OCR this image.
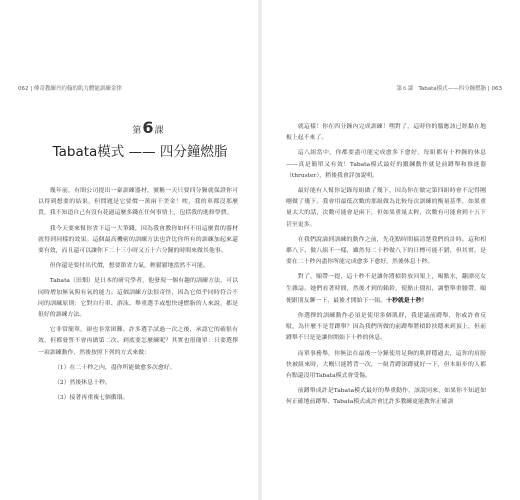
062 | 傳奇教練丹約翰的肌力體能訓練金律
第 6 課
Tabata模式 —— 四分鐘燃脂

幾年前，有間公司提出一臺訓練器材，號稱一天只要四分鐘就保證你可以得到想要的結果，但問題是它要價一萬兩千美金！唉，我的車都沒那麼貴，我不知道自己有沒有花過這麼多錢在任何事情上，包括我的進修學費。

我今天要來幫你省下這一大筆錢，因為我會教你如何不用這麼貴的器材就得到同樣的效果。這個最高機密的訓練方法也許比你所有的訓練加起來還要有效，而且還可以讓你下二十三小時又五十六分鐘的時間來做其他事。

但你還是要付出代價，想要節省力氣，輕鬆鬆地當然不可能。

Tabata（田畑）是日本的研究學者，他發現一個有趣的訓練方法，可以同時增加無氧與有氧的能力。這個訓練方法很奇怪，因為它似乎同時符合不同的訓練原則：它對自行車、游泳、舉重選手或想快速燃脂的人來說，都是很好的訓練方法。

它非常簡單，卻也非常困難。許多選手試過一次之後，承認它的確很有效，但都發誓不會再做第二次。到底要怎麼練呢？其實也很簡單：只要選擇一項訓練動作，然後按照下列的方式來做：

（1）在二十秒之內，盡你所能做愈多次愈好。
（2）然後休息十秒。
（3）接著再重複七個循環。
第６課　Tabata模式——四分鐘燃脂 | 063

就這樣！你在四分鐘內完成訓練！嘿對了，這時你的腦應該已經黏在地板上起不來了。

這八組當中，你都要盡可能完成愈多下愈好，每組都有十秒鐘的休息——真是簡單又有效！Tabata模式最好的鍛鍊動作就是前蹲舉和推進器（thruster），稍後我會詳加說明。

最好能有人幫你記錄每組做了幾下，因為你在做完第四組時會不記得剛剛做了幾下。我會用最低次數的那組做為比較每次訓練的衡量基準，如果重量太大的話，次數可能會是兩下，但如果重量太輕，次數有可能會到十五下甚至更多。

在我們說論到訓練的動作之前，先花點時間搞清楚我們的計時。這和相鄰八下、做八組不一樣，雖然每二十秒做八下的日標可能不錯，但其實，是要在二十秒內盡你所能完成愈多下愈好，然後休息十秒。

對了，順帶一提，這十秒不是讓你將槓鈴放回架上，喝點水，翻漂亮女生雜誌。她們看著時間，然後才到的賴鈴，使點止僵扣，調整舉重腰帶，順便跟朋友聊一下，最後才開始下一組。十秒就是十秒！

你選擇的訓練動作必須是使用多個肌群，我建議前蹲舉，你或許會反駁，為什麼不是背蹲舉？因為我們所做的前蹲舉將槓鈴扶穩來到頂上，但前蹲舉不只是是讓你開始下十秒的休息。

而單事務舉，你無法在最後一分鐘使用足夠的肌群穩過去，這你的肩膀快被組來時，大概只能將背一次，一組背蹲深蹲就好一下，但本組步的人都有點還沒用Tabata模式會受傷。

前蹲舉成許是Tabata模式最好的舉重動作，該說同來，如果你不知道如何正確地前蹲舉，Tabata模式或許會比許多教練更能教你正確訓
